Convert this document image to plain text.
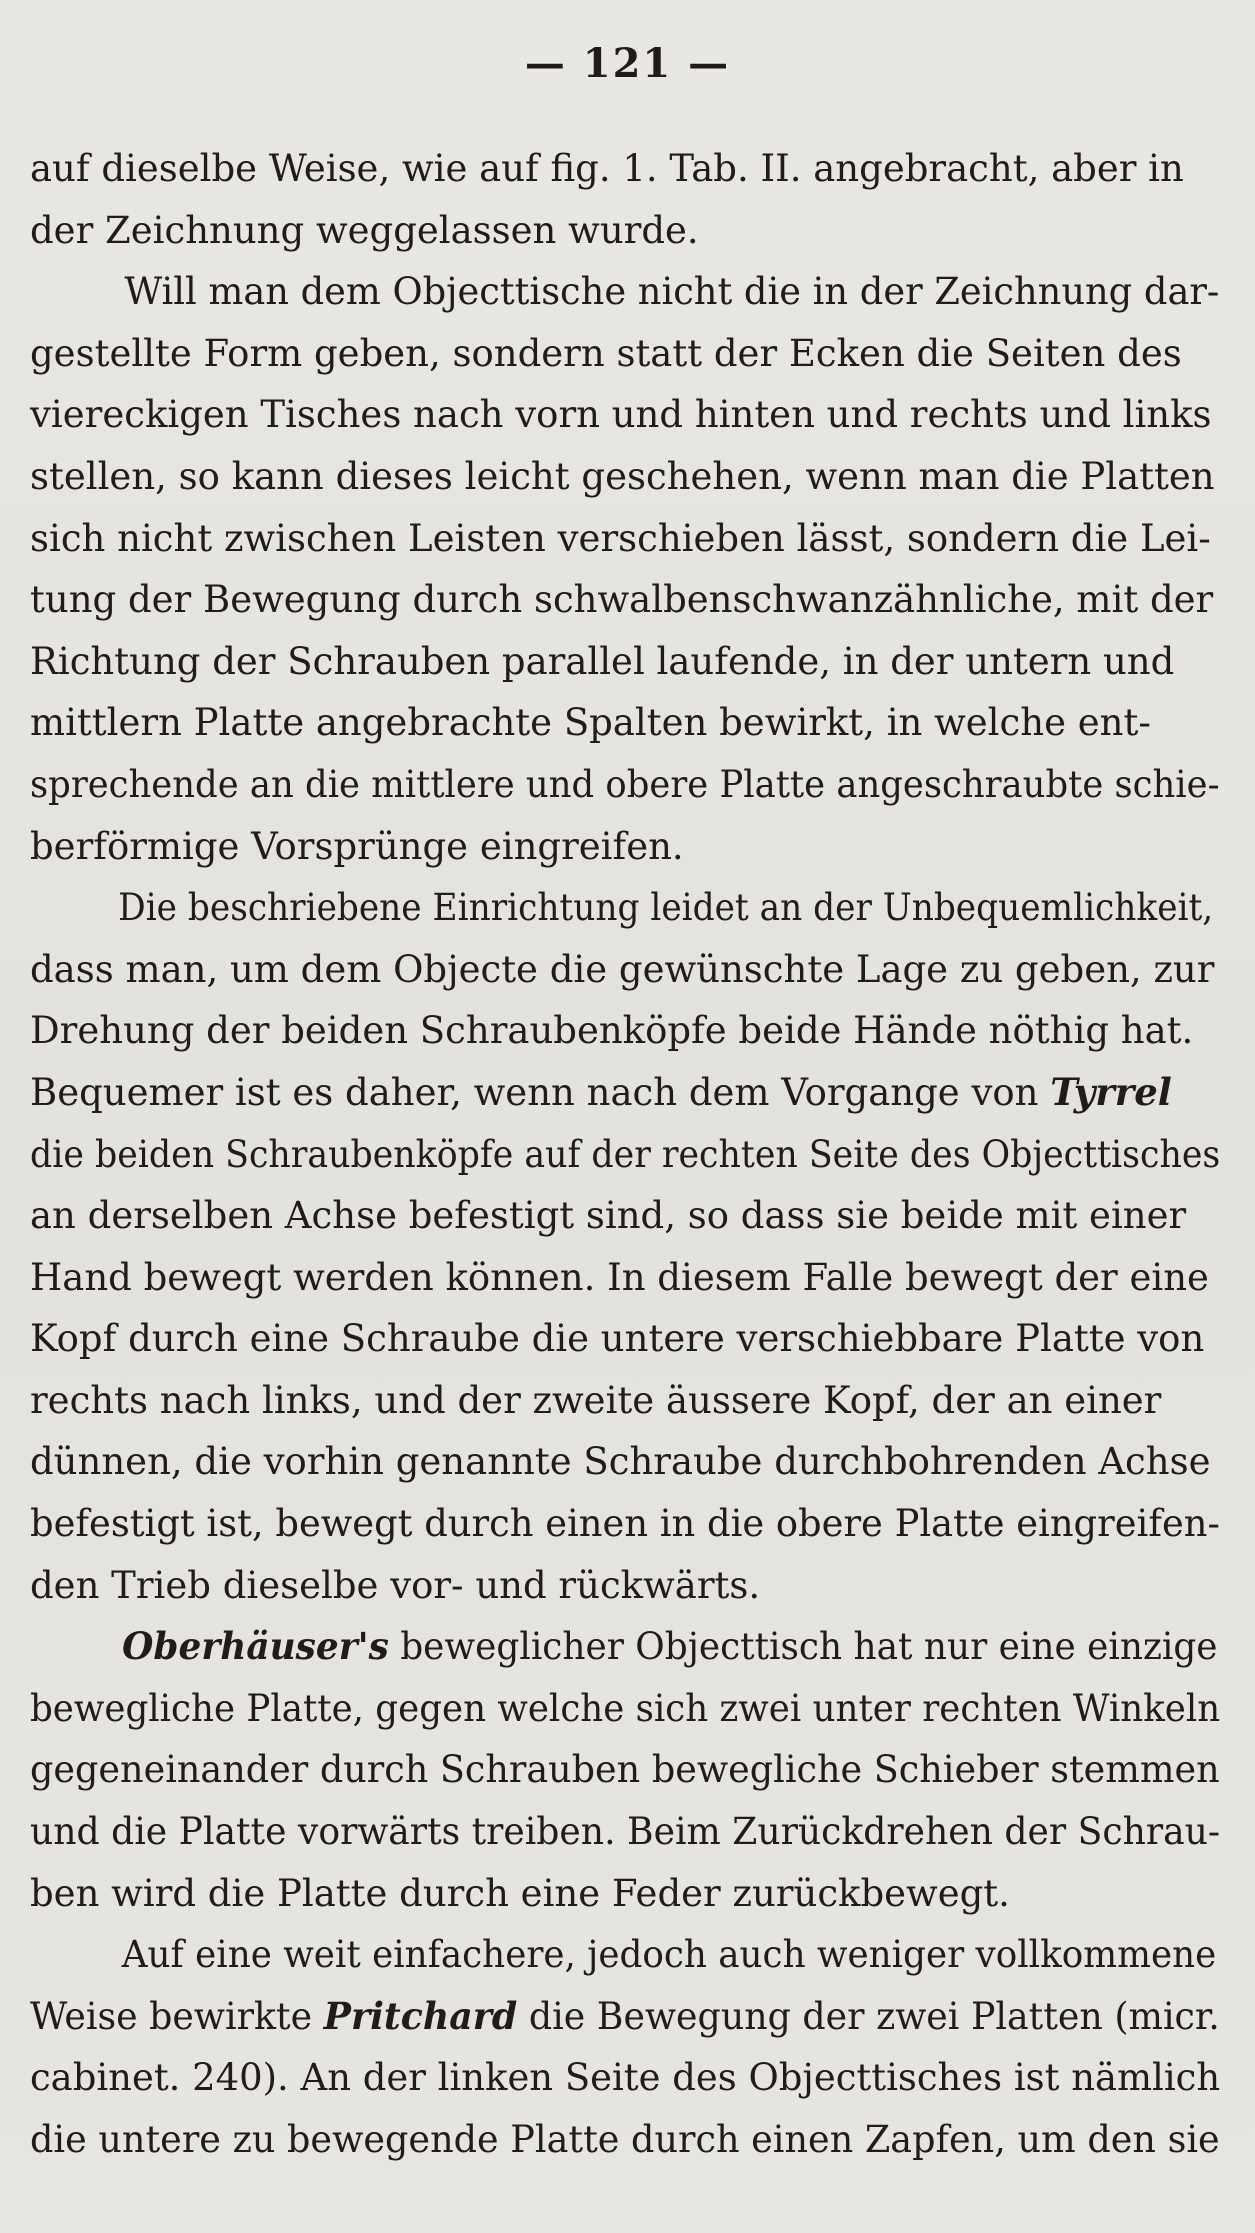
— 121 —

auf dieselbe Weise, wie auf fig. 1. Tab. II. angebracht, aber in
der Zeichnung weggelassen wurde.

Will man dem Objecttische nicht die in der Zeichnung dar-
gestellte Form geben, sondern statt der Ecken die Seiten des
viereckigen Tisches nach vorn und hinten und rechts und links
stellen, so kann dieses leicht geschehen, wenn man die Platten
sich nicht zwischen Leisten verschieben lässt, sondern die Lei-
tung der Bewegung durch schwalbenschwanzähnliche, mit der
Richtung der Schrauben parallel laufende, in der untern und
mittlern Platte angebrachte Spalten bewirkt, in welche ent-
sprechende an die mittlere und obere Platte angeschraubte schie-
berförmige Vorsprünge eingreifen.

Die beschriebene Einrichtung leidet an der Unbequemlichkeit,
dass man, um dem Objecte die gewünschte Lage zu geben, zur
Drehung der beiden Schraubenköpfe beide Hände nöthig hat.
Bequemer ist es daher, wenn nach dem Vorgange von Tyrrel
die beiden Schraubenköpfe auf der rechten Seite des Objecttisches
an derselben Achse befestigt sind, so dass sie beide mit einer
Hand bewegt werden können. In diesem Falle bewegt der eine
Kopf durch eine Schraube die untere verschiebbare Platte von
rechts nach links, und der zweite äussere Kopf, der an einer
dünnen, die vorhin genannte Schraube durchbohrenden Achse
befestigt ist, bewegt durch einen in die obere Platte eingreifen-
den Trieb dieselbe vor- und rückwärts.

Oberhäuser's beweglicher Objecttisch hat nur eine einzige
bewegliche Platte, gegen welche sich zwei unter rechten Winkeln
gegeneinander durch Schrauben bewegliche Schieber stemmen
und die Platte vorwärts treiben. Beim Zurückdrehen der Schrau-
ben wird die Platte durch eine Feder zurückbewegt.

Auf eine weit einfachere, jedoch auch weniger vollkommene
Weise bewirkte Pritchard die Bewegung der zwei Platten (micr.
cabinet. 240). An der linken Seite des Objecttisches ist nämlich
die untere zu bewegende Platte durch einen Zapfen, um den sie
